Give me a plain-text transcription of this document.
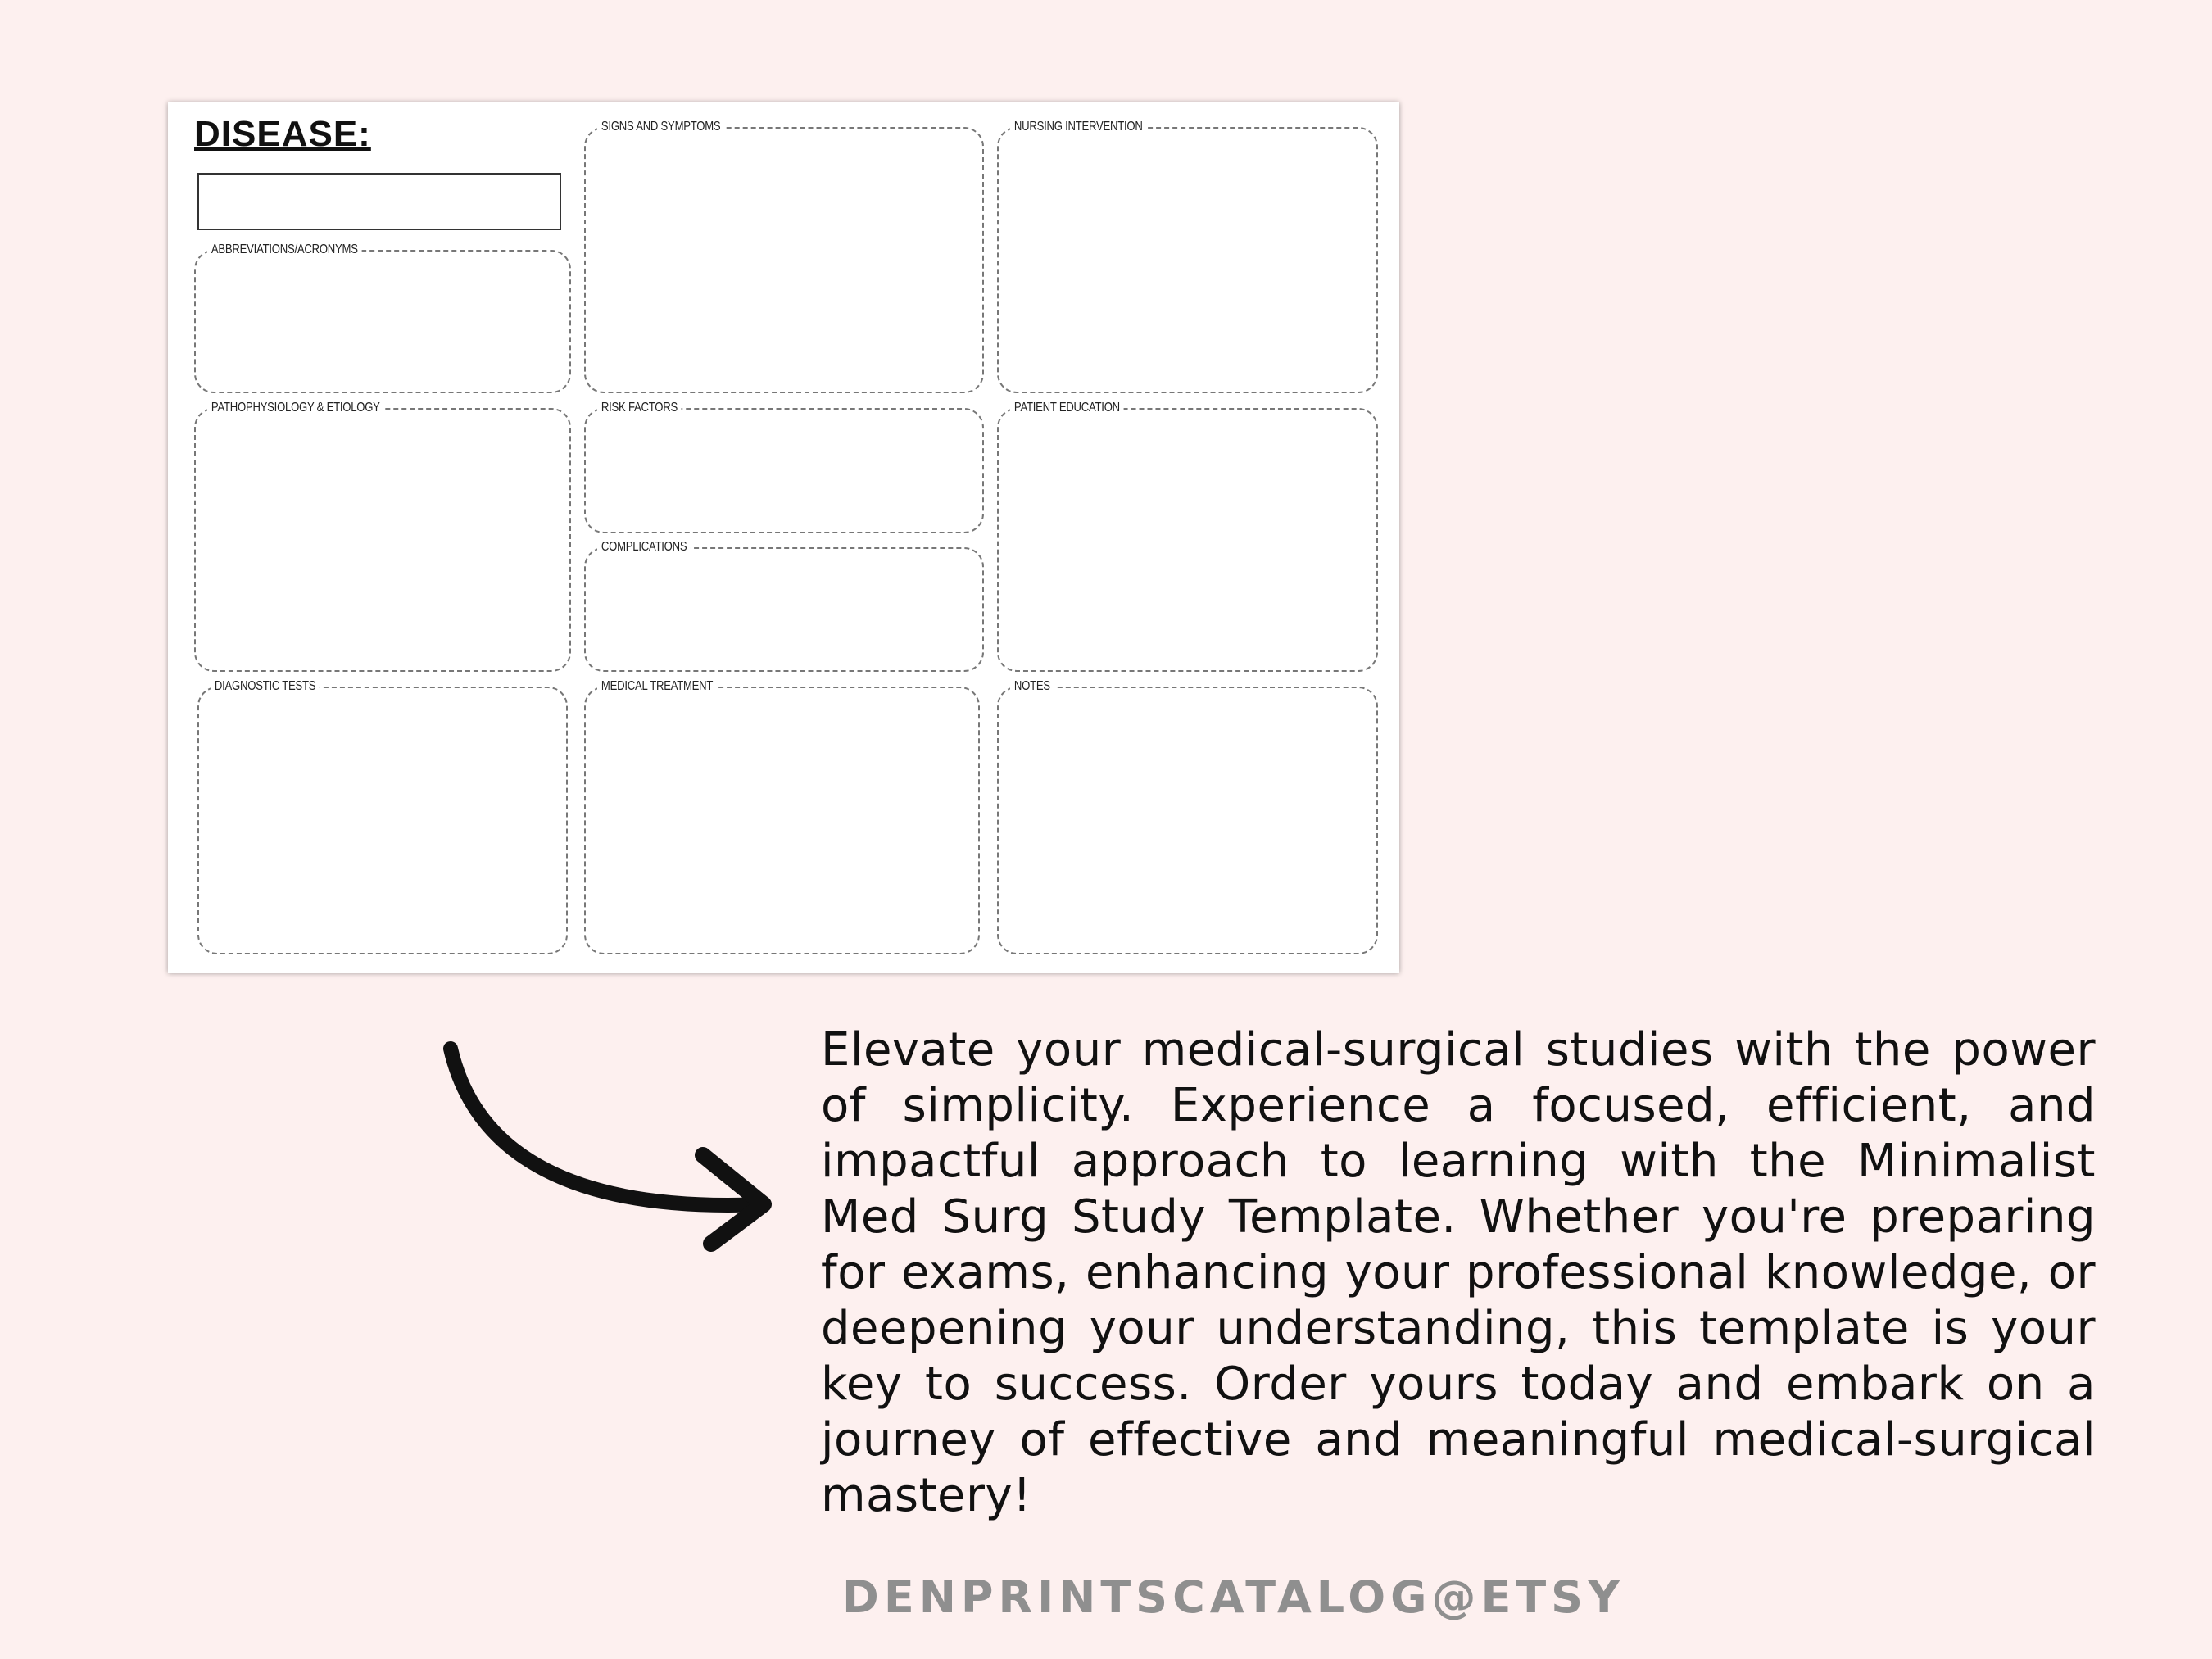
DISEASE:
ABBREVIATIONS/ACRONYMS
SIGNS AND SYMPTOMS	NURSING INTERVENTION
PATHOPHYSIOLOGY & ETIOLOGY	RISK FACTORS	PATIENT EDUCATION
COMPLICATIONS
DIAGNOSTIC TESTS	MEDICAL TREATMENT	NOTES

Elevate your medical-surgical studies with the power of simplicity. Experience a focused, efficient, and impactful approach to learning with the Minimalist Med Surg Study Template. Whether you're preparing for exams, enhancing your professional knowledge, or deepening your understanding, this template is your key to success. Order yours today and embark on a journey of effective and meaningful medical-surgical mastery!

DENPRINTSCATALOG@ETSY
